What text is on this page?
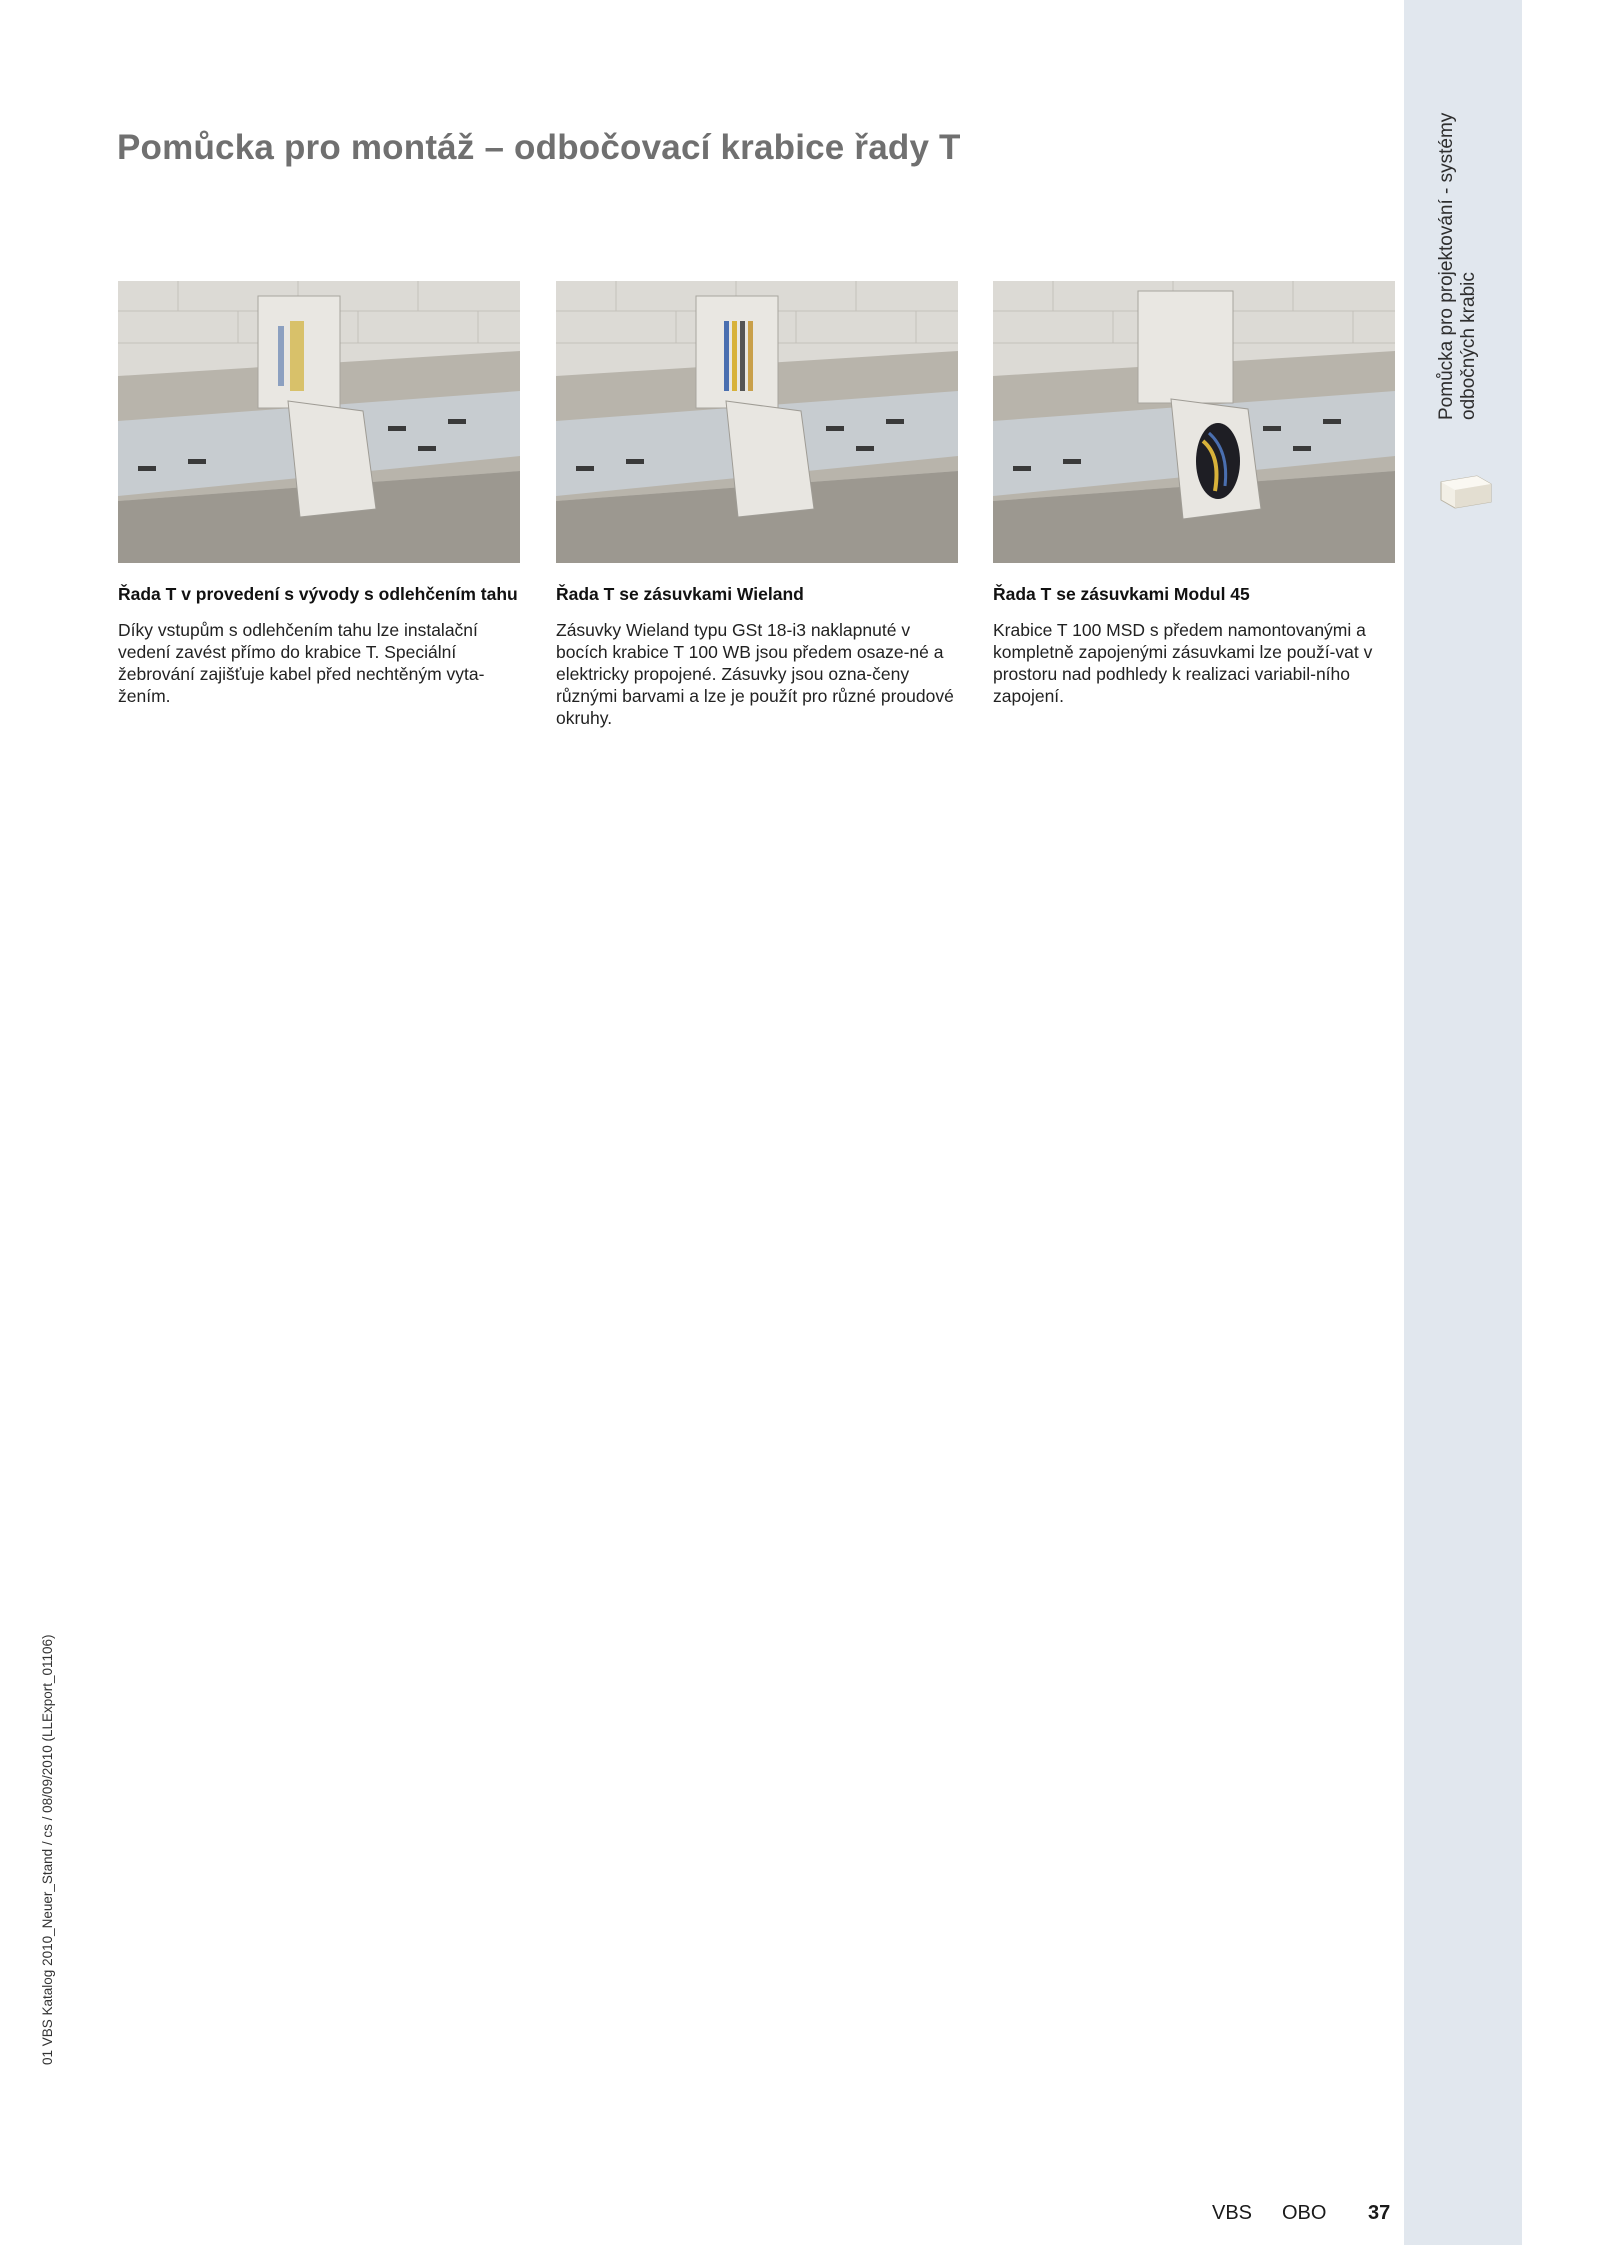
Pomůcka pro projektování - systémy odbočných krabic
Pomůcka pro montáž – odbočovací krabice řady T
Řada T v provedení s vývody s odlehčením tahu

Díky vstupům s odlehčením tahu lze instalační vedení zavést přímo do krabice T. Speciální žebrování zajišťuje kabel před nechtěným vyta-žením.

Řada T se zásuvkami Wieland

Zásuvky Wieland typu GSt 18-i3 naklapnuté v bocích krabice T 100 WB jsou předem osaze-né a elektricky propojené. Zásuvky jsou ozna-čeny různými barvami a lze je použít pro různé proudové okruhy.

Řada T se zásuvkami Modul 45

Krabice T 100 MSD s předem namontovanými a kompletně zapojenými zásuvkami lze použí-vat v prostoru nad podhledy k realizaci variabil-ního zapojení.

01 VBS Katalog 2010_Neuer_Stand / cs / 08/09/2010 (LLExport_01106)
VBS OBO 37
